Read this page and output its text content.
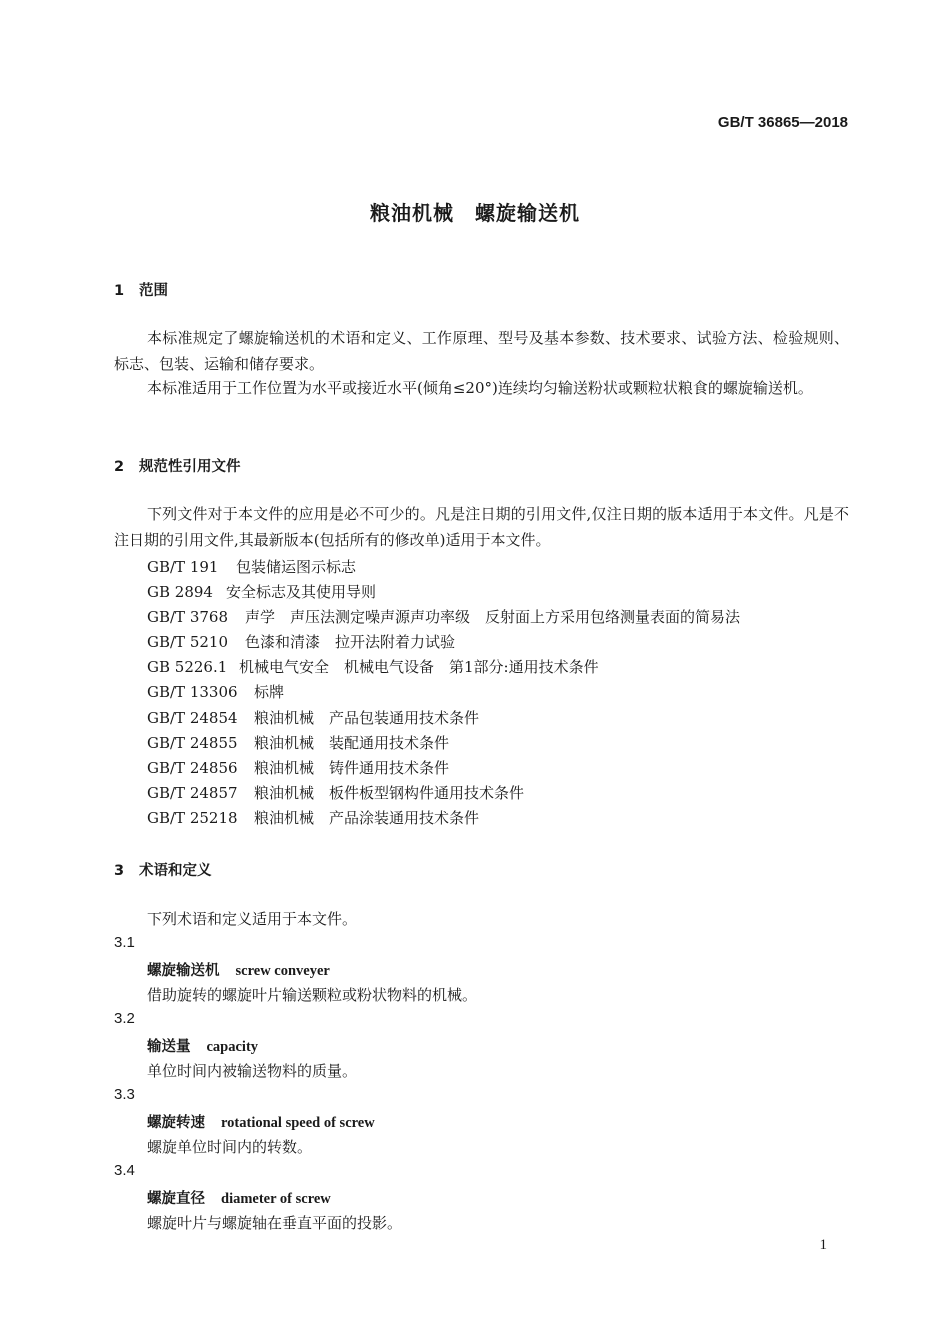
GB/T 36865—2018
粮油机械　螺旋输送机
1 范围
本标准规定了螺旋输送机的术语和定义、工作原理、型号及基本参数、技术要求、试验方法、检验规则、标志、包装、运输和储存要求。
本标准适用于工作位置为水平或接近水平(倾角≤20°)连续均匀输送粉状或颗粒状粮食的螺旋输送机。
2 规范性引用文件
下列文件对于本文件的应用是必不可少的。凡是注日期的引用文件,仅注日期的版本适用于本文件。凡是不注日期的引用文件,其最新版本(包括所有的修改单)适用于本文件。
GB/T 191 包装储运图示标志
GB 2894 安全标志及其使用导则
GB/T 3768 声学　声压法测定噪声源声功率级　反射面上方采用包络测量表面的简易法
GB/T 5210 色漆和清漆　拉开法附着力试验
GB 5226.1 机械电气安全　机械电气设备　第1部分:通用技术条件
GB/T 13306 标牌
GB/T 24854 粮油机械　产品包装通用技术条件
GB/T 24855 粮油机械　装配通用技术条件
GB/T 24856 粮油机械　铸件通用技术条件
GB/T 24857 粮油机械　板件板型钢构件通用技术条件
GB/T 25218 粮油机械　产品涂装通用技术条件
3 术语和定义
下列术语和定义适用于本文件。
3.1
螺旋输送机 screw conveyer
借助旋转的螺旋叶片输送颗粒或粉状物料的机械。
3.2
输送量 capacity
单位时间内被输送物料的质量。
3.3
螺旋转速 rotational speed of screw
螺旋单位时间内的转数。
3.4
螺旋直径 diameter of screw
螺旋叶片与螺旋轴在垂直平面的投影。
1
